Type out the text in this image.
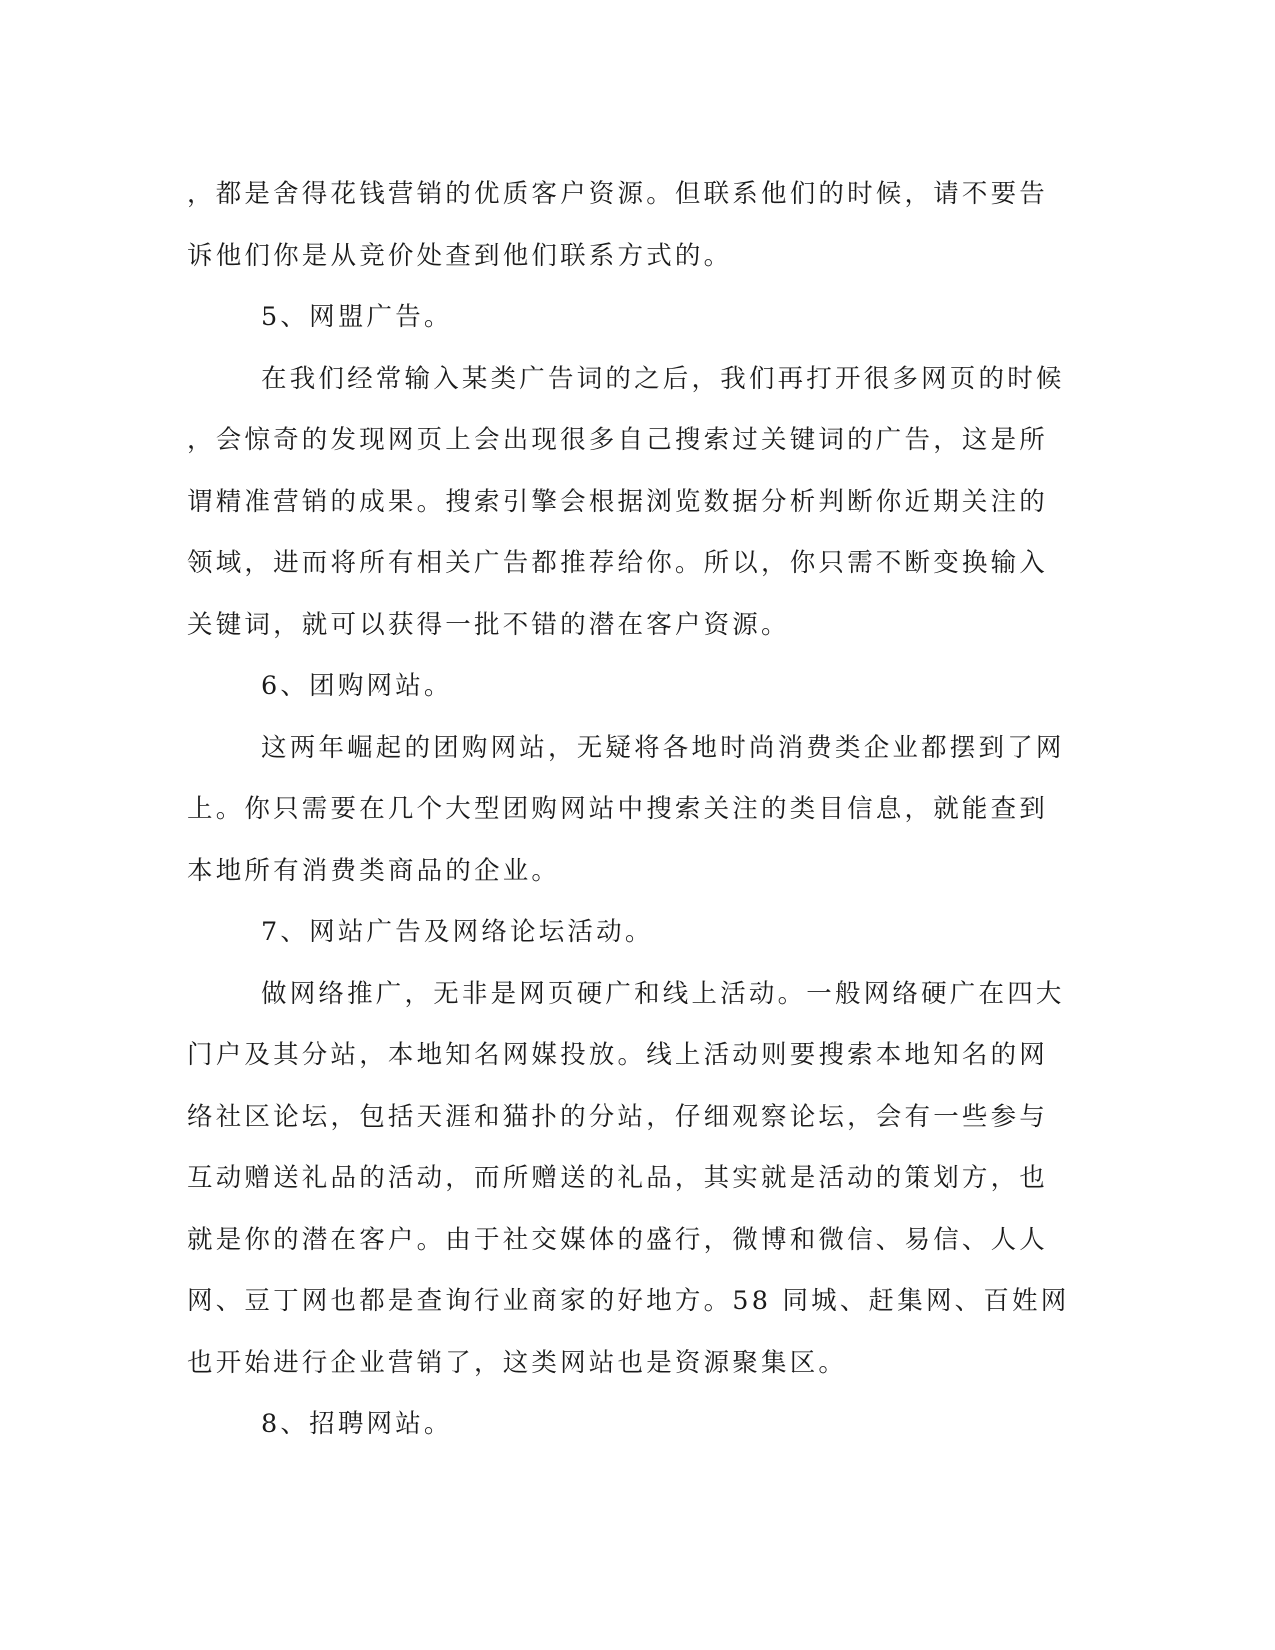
，都是舍得花钱营销的优质客户资源。但联系他们的时候，请不要告
诉他们你是从竞价处查到他们联系方式的。
5、网盟广告。
在我们经常输入某类广告词的之后，我们再打开很多网页的时候
，会惊奇的发现网页上会出现很多自己搜索过关键词的广告，这是所
谓精准营销的成果。搜索引擎会根据浏览数据分析判断你近期关注的
领域，进而将所有相关广告都推荐给你。所以，你只需不断变换输入
关键词，就可以获得一批不错的潜在客户资源。
6、团购网站。
这两年崛起的团购网站，无疑将各地时尚消费类企业都摆到了网
上。你只需要在几个大型团购网站中搜索关注的类目信息，就能查到
本地所有消费类商品的企业。
7、网站广告及网络论坛活动。
做网络推广，无非是网页硬广和线上活动。一般网络硬广在四大
门户及其分站，本地知名网媒投放。线上活动则要搜索本地知名的网
络社区论坛，包括天涯和猫扑的分站，仔细观察论坛，会有一些参与
互动赠送礼品的活动，而所赠送的礼品，其实就是活动的策划方，也
就是你的潜在客户。由于社交媒体的盛行，微博和微信、易信、人人
网、豆丁网也都是查询行业商家的好地方。58 同城、赶集网、百姓网
也开始进行企业营销了，这类网站也是资源聚集区。
8、招聘网站。
